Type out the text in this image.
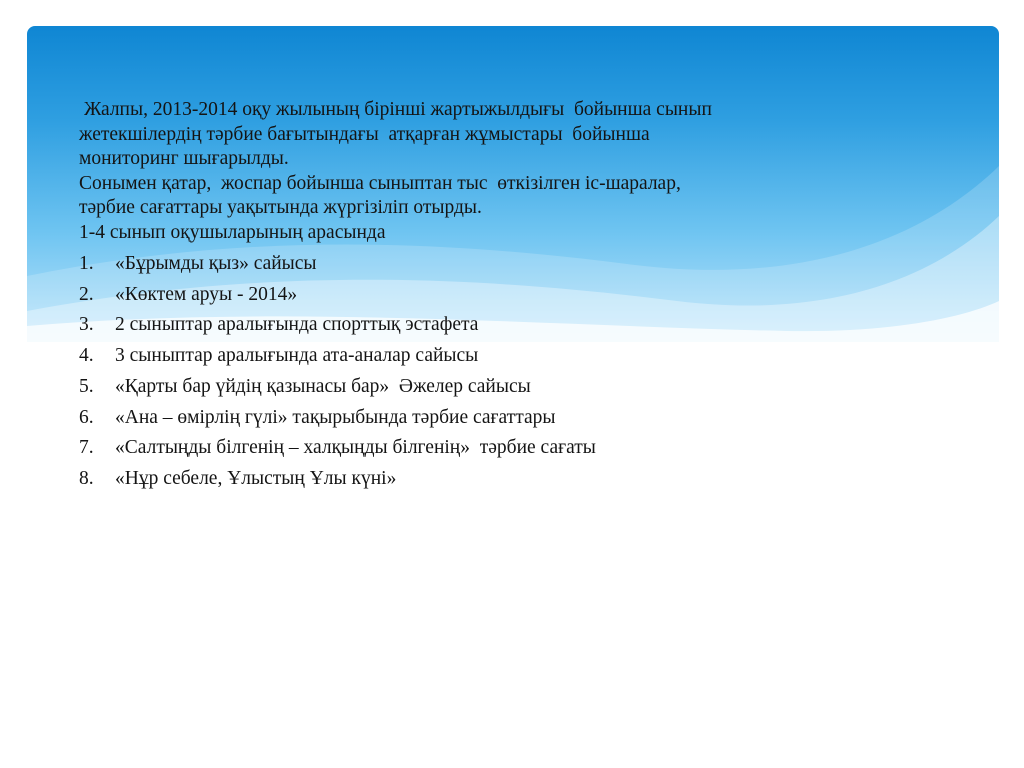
Жалпы, 2013-2014 оқу жылының бірінші жартыжылдығы  бойынша сынып

жетекшілердің тәрбие бағытындағы  атқарған жұмыстары  бойынша

мониторинг шығарылды.

Сонымен қатар,  жоспар бойынша сыныптан тыс  өткізілген іс-шаралар,

тәрбие сағаттары уақытында жүргізіліп отырды.

1-4 сынып оқушыларының арасында

1. «Бұрымды қыз» сайысы
2. «Көктем аруы - 2014»
3. 2 сыныптар аралығында спорттық эстафета
4. 3 сыныптар аралығында ата-аналар сайысы
5. «Қарты бар үйдің қазынасы бар»  Әжелер сайысы
6. «Ана – өмірлің гүлі» тақырыбында тәрбие сағаттары
7. «Салтыңды білгенің – халқыңды білгенің»  тәрбие сағаты
8. «Нұр себеле, Ұлыстың Ұлы күні»
